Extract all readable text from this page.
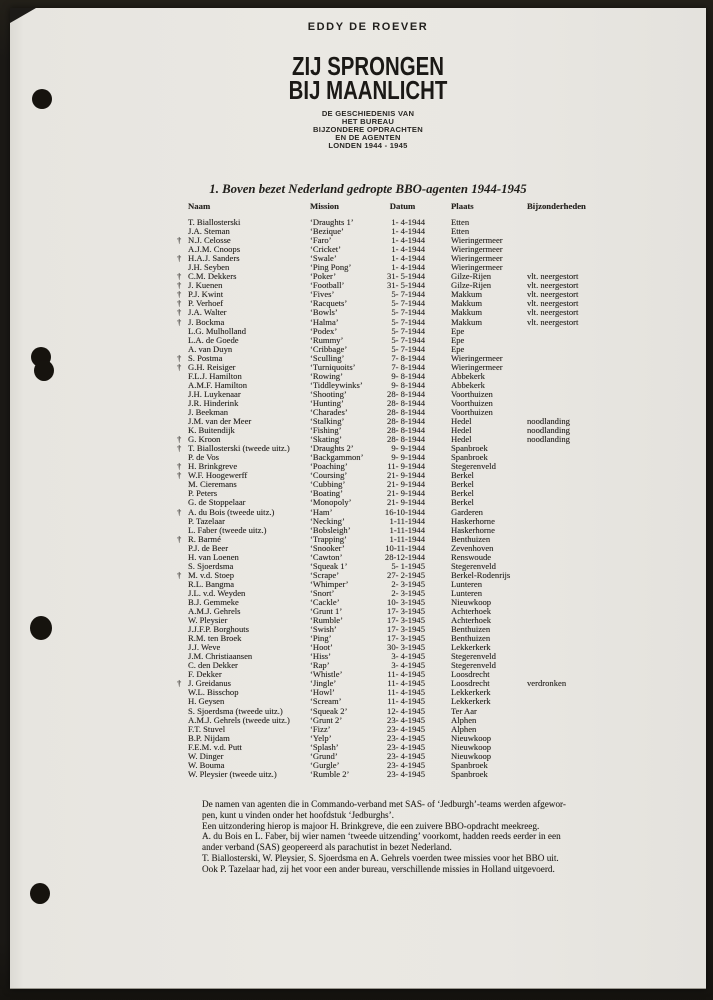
EDDY DE ROEVER
ZIJ SPRONGEN
BIJ MAANLICHT
DE GESCHIEDENIS VAN
HET BUREAU
BIJZONDERE OPDRACHTEN
EN DE AGENTEN
LONDEN 1944 - 1945
1. Boven bezet Nederland gedropte BBO-agenten 1944-1945
Naam	Mission	Datum	Plaats	Bijzonderheden
T. Biallosterski	‘Draughts 1’	1- 4-1944	Etten
J.A. Steman	‘Bezique’	1- 4-1944	Etten
† N.J. Celosse	‘Faro’	1- 4-1944	Wieringermeer
A.J.M. Cnoops	‘Cricket’	1- 4-1944	Wieringermeer
† H.A.J. Sanders	‘Swale’	1- 4-1944	Wieringermeer
J.H. Seyben	‘Ping Pong’	1- 4-1944	Wieringermeer
† C.M. Dekkers	‘Poker’	31- 5-1944	Gilze-Rijen	vlt. neergestort
† J. Kuenen	‘Football’	31- 5-1944	Gilze-Rijen	vlt. neergestort
† P.J. Kwint	‘Fives’	5- 7-1944	Makkum	vlt. neergestort
† P. Verhoef	‘Racquets’	5- 7-1944	Makkum	vlt. neergestort
† J.A. Walter	‘Bowls’	5- 7-1944	Makkum	vlt. neergestort
† J. Bockma	‘Halma’	5- 7-1944	Makkum	vlt. neergestort
L.G. Mulholland	‘Podex’	5- 7-1944	Epe
L.A. de Goede	‘Rummy’	5- 7-1944	Epe
A. van Duyn	‘Cribbage’	5- 7-1944	Epe
† S. Postma	‘Sculling’	7- 8-1944	Wieringermeer
† G.H. Reisiger	‘Turniquoits’	7- 8-1944	Wieringermeer
F.L.J. Hamilton	‘Rowing’	9- 8-1944	Abbekerk
A.M.F. Hamilton	‘Tiddleywinks’	9- 8-1944	Abbekerk
J.H. Luykenaar	‘Shooting’	28- 8-1944	Voorthuizen
J.R. Hinderink	‘Hunting’	28- 8-1944	Voorthuizen
J. Beekman	‘Charades’	28- 8-1944	Voorthuizen
J.M. van der Meer	‘Stalking’	28- 8-1944	Hedel	noodlanding
K. Buitendijk	‘Fishing’	28- 8-1944	Hedel	noodlanding
† G. Kroon	‘Skating’	28- 8-1944	Hedel	noodlanding
† T. Biallosterski (tweede uitz.)	‘Draughts 2’	9- 9-1944	Spanbroek
P. de Vos	‘Backgammon’	9- 9-1944	Spanbroek
† H. Brinkgreve	‘Poaching’	11- 9-1944	Stegerenveld
† W.F. Hoogewerff	‘Coursing’	21- 9-1944	Berkel
M. Cieremans	‘Cubbing’	21- 9-1944	Berkel
P. Peters	‘Boating’	21- 9-1944	Berkel
G. de Stoppelaar	‘Monopoly’	21- 9-1944	Berkel
† A. du Bois (tweede uitz.)	‘Ham’	16-10-1944	Garderen
P. Tazelaar	‘Necking’	1-11-1944	Haskerhorne
L. Faber (tweede uitz.)	‘Bobsleigh’	1-11-1944	Haskerhorne
† R. Barmé	‘Trapping’	1-11-1944	Benthuizen
P.J. de Beer	‘Snooker’	10-11-1944	Zevenhoven
H. van Loenen	‘Cawton’	28-12-1944	Renswoude
S. Sjoerdsma	‘Squeak 1’	5- 1-1945	Stegerenveld
† M. v.d. Stoep	‘Scrape’	27- 2-1945	Berkel-Rodenrijs
R.L. Bangma	‘Whimper’	2- 3-1945	Lunteren
J.L. v.d. Weyden	‘Snort’	2- 3-1945	Lunteren
B.J. Gemmeke	‘Cackle’	10- 3-1945	Nieuwkoop
A.M.J. Gehrels	‘Grunt 1’	17- 3-1945	Achterhoek
W. Pleysier	‘Rumble’	17- 3-1945	Achterhoek
J.J.F.P. Borghouts	‘Swish’	17- 3-1945	Benthuizen
R.M. ten Broek	‘Ping’	17- 3-1945	Benthuizen
J.J. Weve	‘Hoot’	30- 3-1945	Lekkerkerk
J.M. Christiaansen	‘Hiss’	3- 4-1945	Stegerenveld
C. den Dekker	‘Rap’	3- 4-1945	Stegerenveld
F. Dekker	‘Whistle’	11- 4-1945	Loosdrecht
† J. Greidanus	‘Jingle’	11- 4-1945	Loosdrecht	verdronken
W.L. Bisschop	‘Howl’	11- 4-1945	Lekkerkerk
H. Geysen	‘Scream’	11- 4-1945	Lekkerkerk
S. Sjoerdsma (tweede uitz.)	‘Squeak 2’	12- 4-1945	Ter Aar
A.M.J. Gehrels (tweede uitz.)	‘Grunt 2’	23- 4-1945	Alphen
F.T. Stuvel	‘Fizz’	23- 4-1945	Alphen
B.P. Nijdam	‘Yelp’	23- 4-1945	Nieuwkoop
F.E.M. v.d. Putt	‘Splash’	23- 4-1945	Nieuwkoop
W. Dinger	‘Grund’	23- 4-1945	Nieuwkoop
W. Bouma	‘Gurgle’	23- 4-1945	Spanbroek
W. Pleysier (tweede uitz.)	‘Rumble 2’	23- 4-1945	Spanbroek
De namen van agenten die in Commando-verband met SAS- of ‘Jedburgh’-teams werden afgewor-
pen, kunt u vinden onder het hoofdstuk ‘Jedburghs’.
Een uitzondering hierop is majoor H. Brinkgreve, die een zuivere BBO-opdracht meekreeg.
A. du Bois en L. Faber, bij wier namen ‘tweede uitzending’ voorkomt, hadden reeds eerder in een
ander verband (SAS) geopereerd als parachutist in bezet Nederland.
T. Biallosterski, W. Pleysier, S. Sjoerdsma en A. Gehrels voerden twee missies voor het BBO uit.
Ook P. Tazelaar had, zij het voor een ander bureau, verschillende missies in Holland uitgevoerd.
